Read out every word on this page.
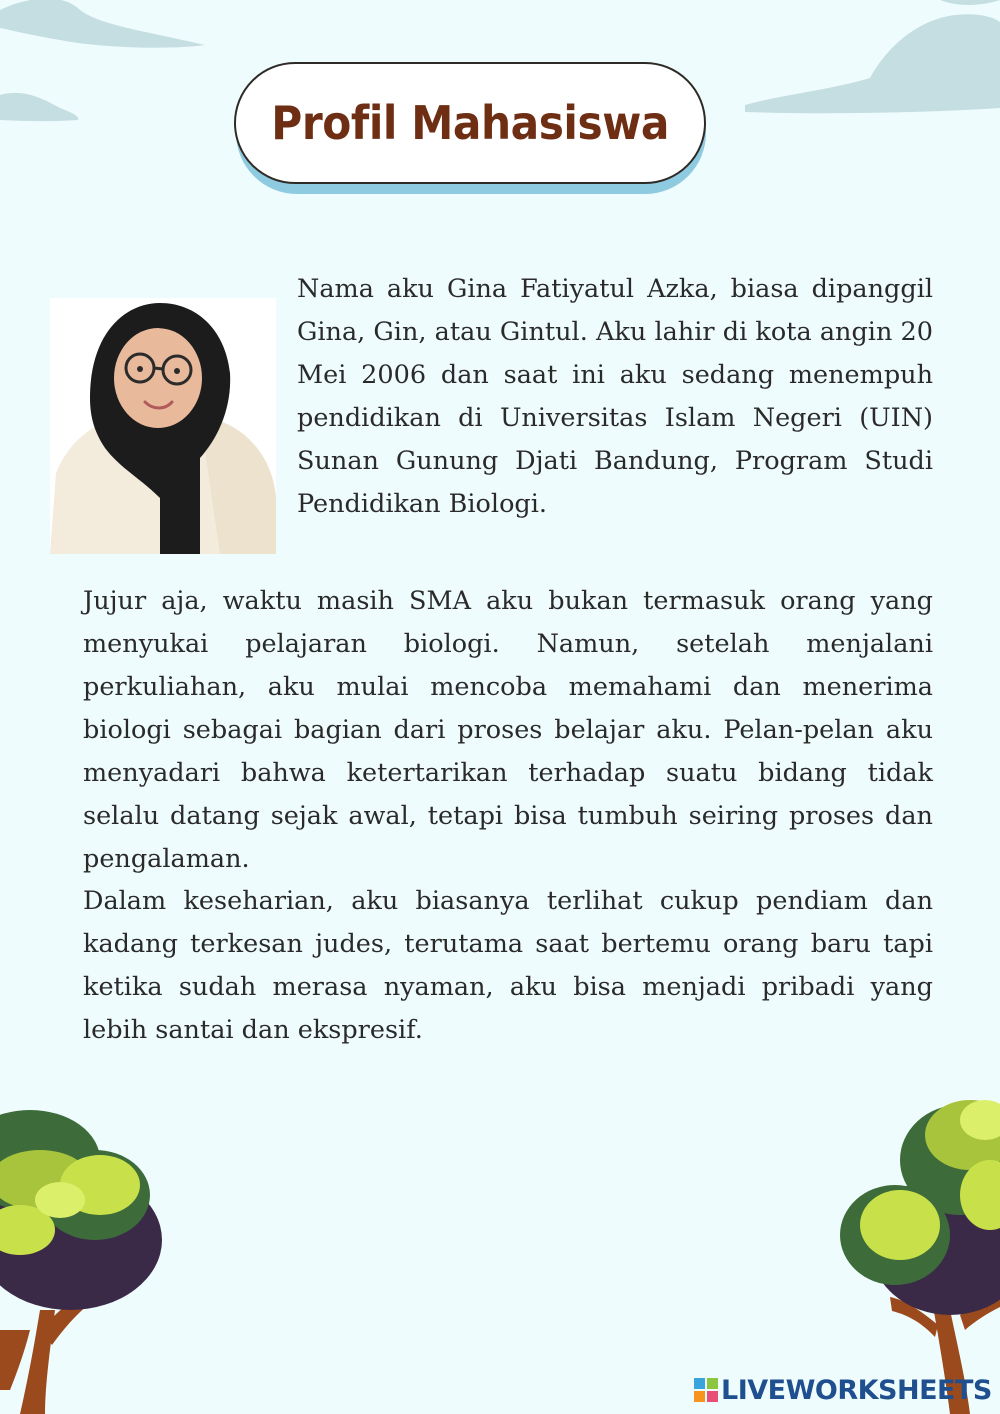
Profil Mahasiswa

Nama aku Gina Fatiyatul Azka, biasa dipanggil Gina, Gin, atau Gintul. Aku lahir di kota angin 20 Mei 2006 dan saat ini aku sedang menempuh pendidikan di Universitas Islam Negeri (UIN) Sunan Gunung Djati Bandung, Program Studi Pendidikan Biologi.

Jujur aja, waktu masih SMA aku bukan termasuk orang yang menyukai pelajaran biologi. Namun, setelah menjalani perkuliahan, aku mulai mencoba memahami dan menerima biologi sebagai bagian dari proses belajar aku. Pelan-pelan aku menyadari bahwa ketertarikan terhadap suatu bidang tidak selalu datang sejak awal, tetapi bisa tumbuh seiring proses dan pengalaman.

Dalam keseharian, aku biasanya terlihat cukup pendiam dan kadang terkesan judes, terutama saat bertemu orang baru tapi ketika sudah merasa nyaman, aku bisa menjadi pribadi yang lebih santai dan ekspresif.

LIVEWORKSHEETS
